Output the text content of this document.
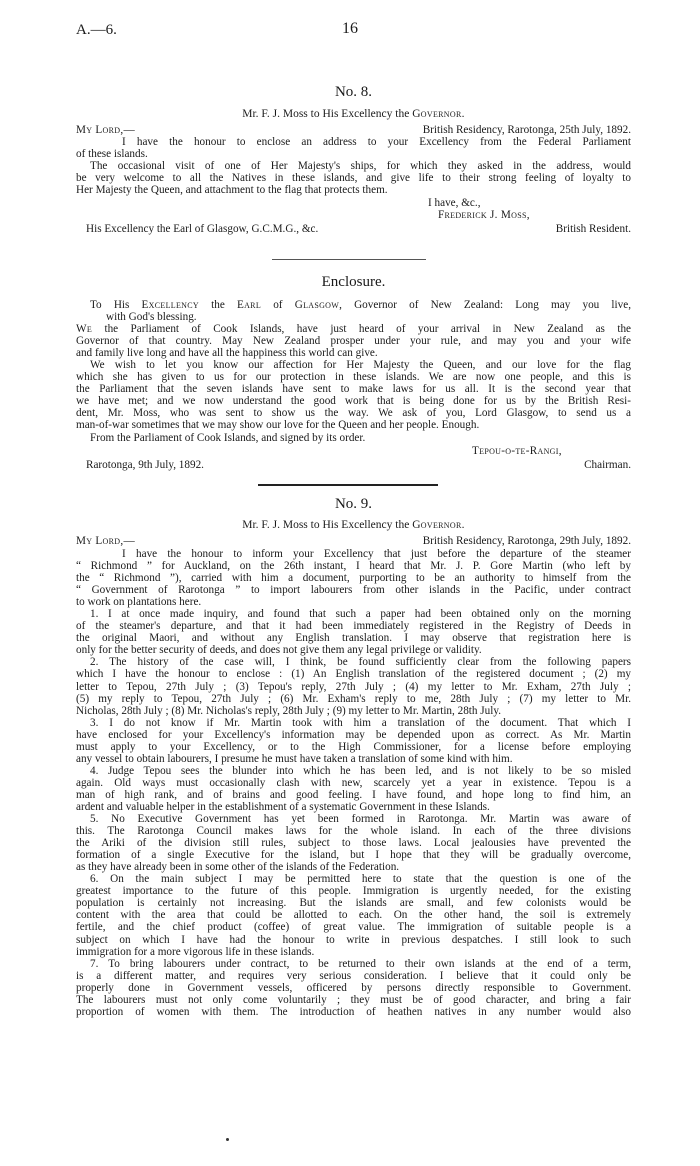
A.—6.	16
No. 8.
Mr. F. J. Moss to His Excellency the Governor.
My Lord,—	British Residency, Rarotonga, 25th July, 1892.
I have the honour to enclose an address to your Excellency from the Federal Parliament
of these islands.
The occasional visit of one of Her Majesty's ships, for which they asked in the address, would
be very welcome to all the Natives in these islands, and give life to their strong feeling of loyalty to
Her Majesty the Queen, and attachment to the flag that protects them.
I have, &c.,
Frederick J. Moss,
His Excellency the Earl of Glasgow, G.C.M.G., &c.	British Resident.
Enclosure.
To His Excellency the Earl of Glasgow, Governor of New Zealand: Long may you live,
with God's blessing.
We the Parliament of Cook Islands, have just heard of your arrival in New Zealand as the
Governor of that country. May New Zealand prosper under your rule, and may you and your wife
and family live long and have all the happiness this world can give.
We wish to let you know our affection for Her Majesty the Queen, and our love for the flag
which she has given to us for our protection in these islands. We are now one people, and this is
the Parliament that the seven islands have sent to make laws for us all. It is the second year that
we have met; and we now understand the good work that is being done for us by the British Resi-
dent, Mr. Moss, who was sent to show us the way. We ask of you, Lord Glasgow, to send us a
man-of-war sometimes that we may show our love for the Queen and her people. Enough.
From the Parliament of Cook Islands, and signed by its order.
Tepou-o-te-Rangi,
Rarotonga, 9th July, 1892.	Chairman.
No. 9.
Mr. F. J. Moss to His Excellency the Governor.
My Lord,—	British Residency, Rarotonga, 29th July, 1892.
I have the honour to inform your Excellency that just before the departure of the steamer
“ Richmond ” for Auckland, on the 26th instant, I heard that Mr. J. P. Gore Martin (who left by
the “ Richmond ”), carried with him a document, purporting to be an authority to himself from the
“ Government of Rarotonga ” to import labourers from other islands in the Pacific, under contract
to work on plantations here.
1. I at once made inquiry, and found that such a paper had been obtained only on the morning
of the steamer's departure, and that it had been immediately registered in the Registry of Deeds in
the original Maori, and without any English translation. I may observe that registration here is
only for the better security of deeds, and does not give them any legal privilege or validity.
2. The history of the case will, I think, be found sufficiently clear from the following papers
which I have the honour to enclose : (1) An English translation of the registered document ; (2) my
letter to Tepou, 27th July ; (3) Tepou's reply, 27th July ; (4) my letter to Mr. Exham, 27th July ;
(5) my reply to Tepou, 27th July ; (6) Mr. Exham's reply to me, 28th July ; (7) my letter to Mr.
Nicholas, 28th July ; (8) Mr. Nicholas's reply, 28th July ; (9) my letter to Mr. Martin, 28th July.
3. I do not know if Mr. Martin took with him a translation of the document. That which I
have enclosed for your Excellency's information may be depended upon as correct. As Mr. Martin
must apply to your Excellency, or to the High Commissioner, for a license before employing
any vessel to obtain labourers, I presume he must have taken a translation of some kind with him.
4. Judge Tepou sees the blunder into which he has been led, and is not likely to be so misled
again. Old ways must occasionally clash with new, scarcely yet a year in existence. Tepou is a
man of high rank, and of brains and good feeling. I have found, and hope long to find him, an
ardent and valuable helper in the establishment of a systematic Government in these Islands.
5. No Executive Government has yet been formed in Rarotonga. Mr. Martin was aware of
this. The Rarotonga Council makes laws for the whole island. In each of the three divisions
the Ariki of the division still rules, subject to those laws. Local jealousies have prevented the
formation of a single Executive for the island, but I hope that they will be gradually overcome,
as they have already been in some other of the islands of the Federation.
6. On the main subject I may be permitted here to state that the question is one of the
greatest importance to the future of this people. Immigration is urgently needed, for the existing
population is certainly not increasing. But the islands are small, and few colonists would be
content with the area that could be allotted to each. On the other hand, the soil is extremely
fertile, and the chief product (coffee) of great value. The immigration of suitable people is a
subject on which I have had the honour to write in previous despatches. I still look to such
immigration for a more vigorous life in these islands.
7. To bring labourers under contract, to be returned to their own islands at the end of a term,
is a different matter, and requires very serious consideration. I believe that it could only be
properly done in Government vessels, officered by persons directly responsible to Government.
The labourers must not only come voluntarily ; they must be of good character, and bring a fair
proportion of women with them. The introduction of heathen natives in any number would also
